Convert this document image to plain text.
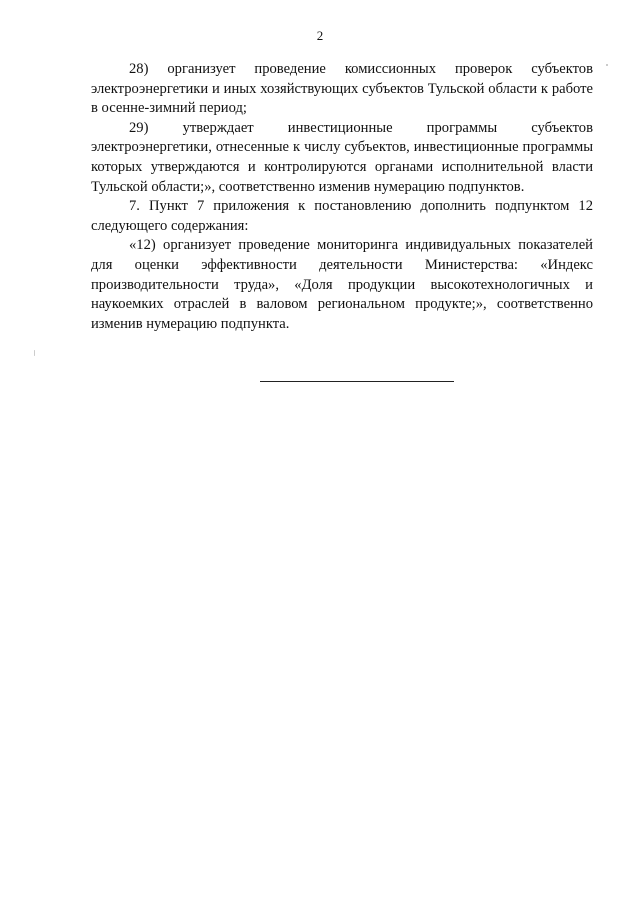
2

28) организует проведение комиссионных проверок субъектов электроэнергетики и иных хозяйствующих субъектов Тульской области к работе в осенне-зимний период;

29) утверждает инвестиционные программы субъектов электроэнергетики, отнесенные к числу субъектов, инвестиционные программы которых утверждаются и контролируются органами исполнительной власти Тульской области;», соответственно изменив нумерацию подпунктов.

7. Пункт 7 приложения к постановлению дополнить подпунктом 12 следующего содержания:

«12) организует проведение мониторинга индивидуальных показателей для оценки эффективности деятельности Министерства: «Индекс производительности труда», «Доля продукции высокотехнологичных и наукоемких отраслей в валовом региональном продукте;», соответственно изменив нумерацию подпункта.
